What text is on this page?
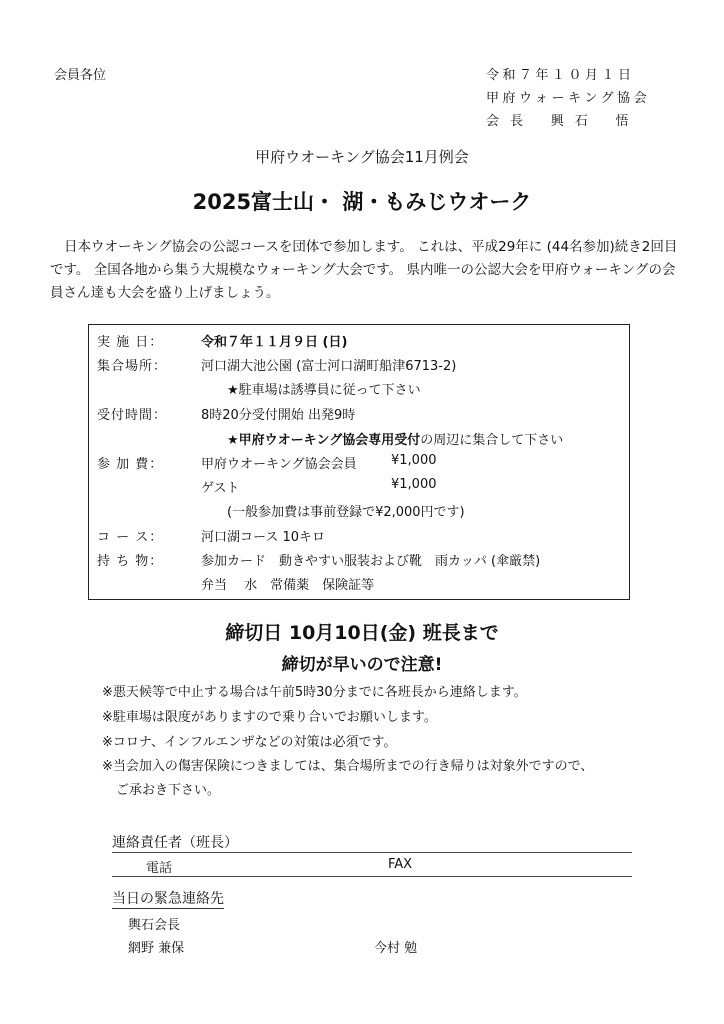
会員各位	令和７年１０月１日
甲府ウォーキング協会
会 長　 興 石　 悟
甲府ウオーキング協会11月例会
2025富士山・ 湖・もみじウオーク
日本ウオーキング協会の公認コースを団体で参加します。 これは、平成29年に (44名参加)続き2回目です。 全国各地から集う大規模なウォーキング大会です。 県内唯一の公認大会を甲府ウォーキングの会員さん達も大会を盛り上げましょう。
実 施 日：	令和７年１１月９日 (日)
集合場所：	河口湖大池公園 (富士河口湖町船津6713-2)
★駐車場は誘導員に従って下さい
受付時間：	8時20分受付開始 出発9時
★甲府ウオーキング協会専用受付の周辺に集合して下さい
参 加 費：	甲府ウオーキング協会会員	¥1,000
ゲスト	¥1,000
(一般参加費は事前登録で¥2,000円です)
コ ー ス：	河口湖コース 10キロ
持 ち 物：	参加カード　動きやすい服装および靴　雨カッパ (傘厳禁)
弁当　 水　常備薬　保険証等
締切日 10月10日(金) 班長まで
締切が早いので注意!
※悪天候等で中止する場合は午前5時30分までに各班長から連絡します。
※駐車場は限度がありますので乗り合いでお願いします。
※コロナ、インフルエンザなどの対策は必須です。
※当会加入の傷害保険につきましては、集合場所までの行き帰りは対象外ですので、
ご承おき下さい。
連絡責任者（班長）
電話	FAX
当日の緊急連絡先
輿石会長
網野 兼保	今村 勉
